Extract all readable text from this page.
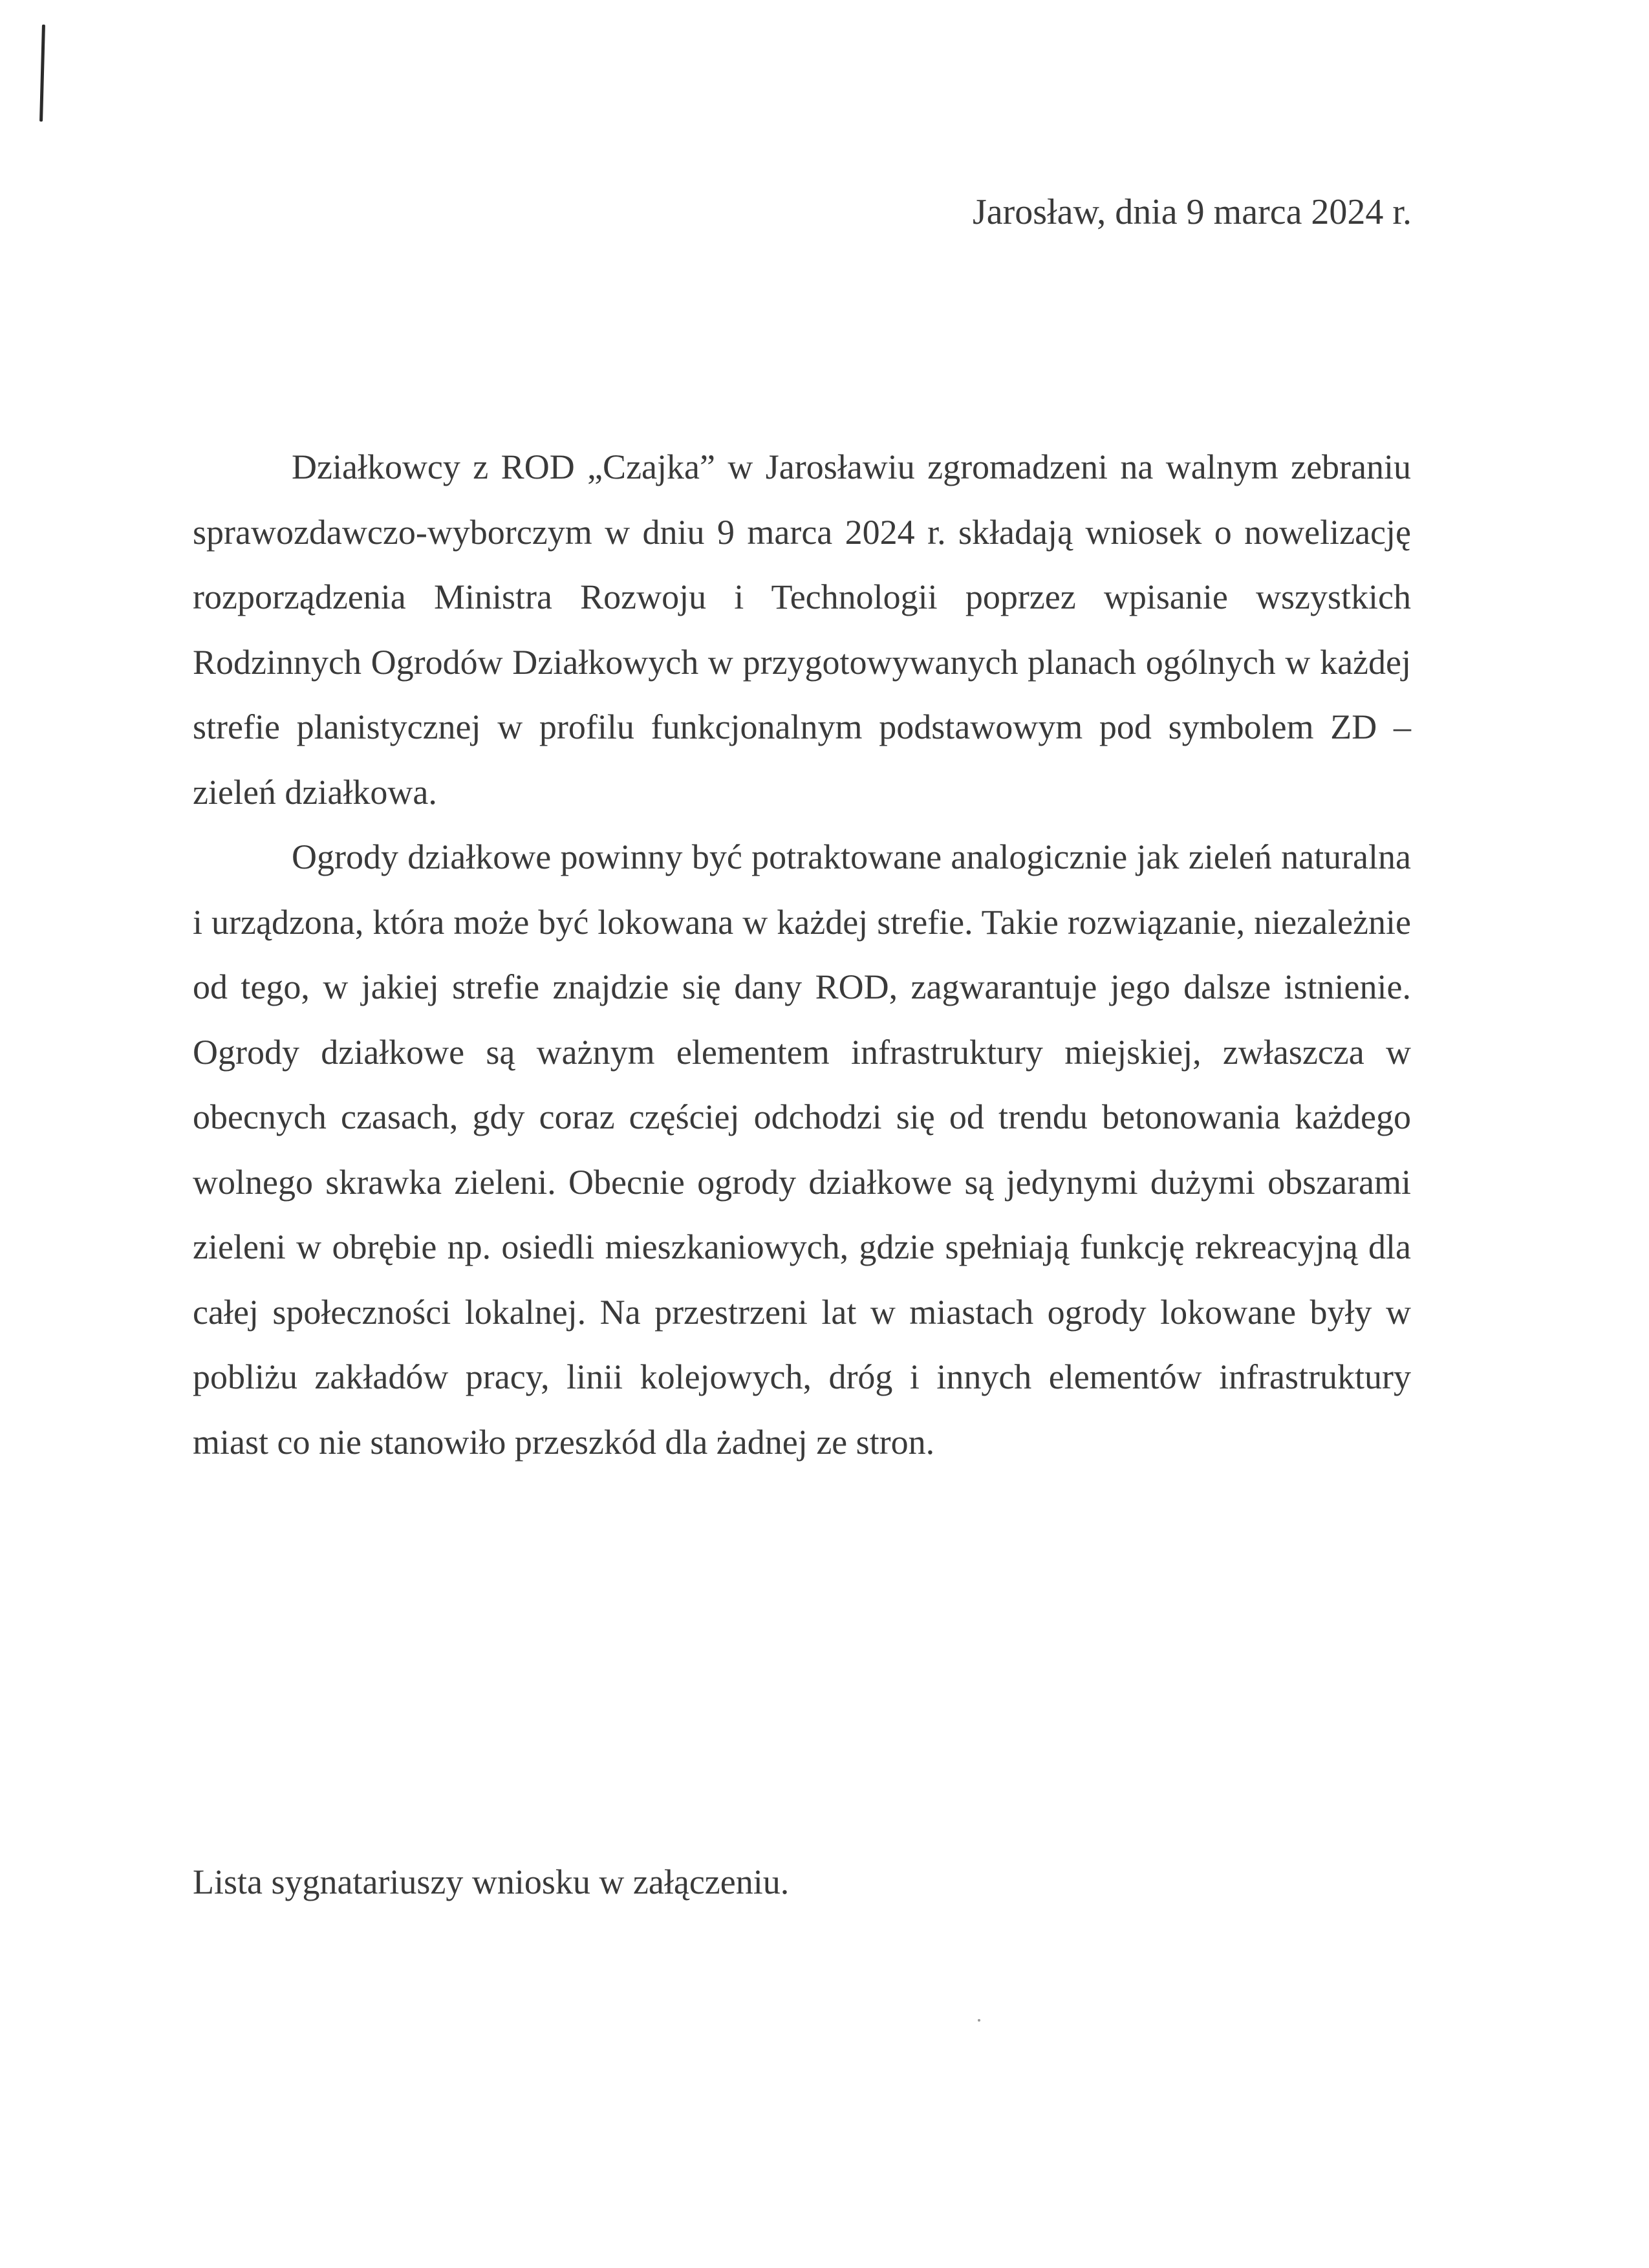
Jarosław, dnia 9 marca 2024 r.

Działkowcy z ROD „Czajka” w Jarosławiu zgromadzeni na walnym zebraniu sprawozdawczo-wyborczym w dniu 9 marca 2024 r. składają wniosek o nowelizację rozporządzenia Ministra Rozwoju i Technologii poprzez wpisanie wszystkich Rodzinnych Ogrodów Działkowych w przygotowywanych planach ogólnych w każdej strefie planistycznej w profilu funkcjonalnym podstawowym pod symbolem ZD – zieleń działkowa.

Ogrody działkowe powinny być potraktowane analogicznie jak zieleń naturalna i urządzona, która może być lokowana w każdej strefie. Takie rozwiązanie, niezależnie od tego, w jakiej strefie znajdzie się dany ROD, zagwarantuje jego dalsze istnienie. Ogrody działkowe są ważnym elementem infrastruktury miejskiej, zwłaszcza w obecnych czasach, gdy coraz częściej odchodzi się od trendu betonowania każdego wolnego skrawka zieleni. Obecnie ogrody działkowe są jedynymi dużymi obszarami zieleni w obrębie np. osiedli mieszkaniowych, gdzie spełniają funkcję rekreacyjną dla całej społeczności lokalnej. Na przestrzeni lat w miastach ogrody lokowane były w pobliżu zakładów pracy, linii kolejowych, dróg i innych elementów infrastruktury miast co nie stanowiło przeszkód dla żadnej ze stron.

Lista sygnatariuszy wniosku w załączeniu.
